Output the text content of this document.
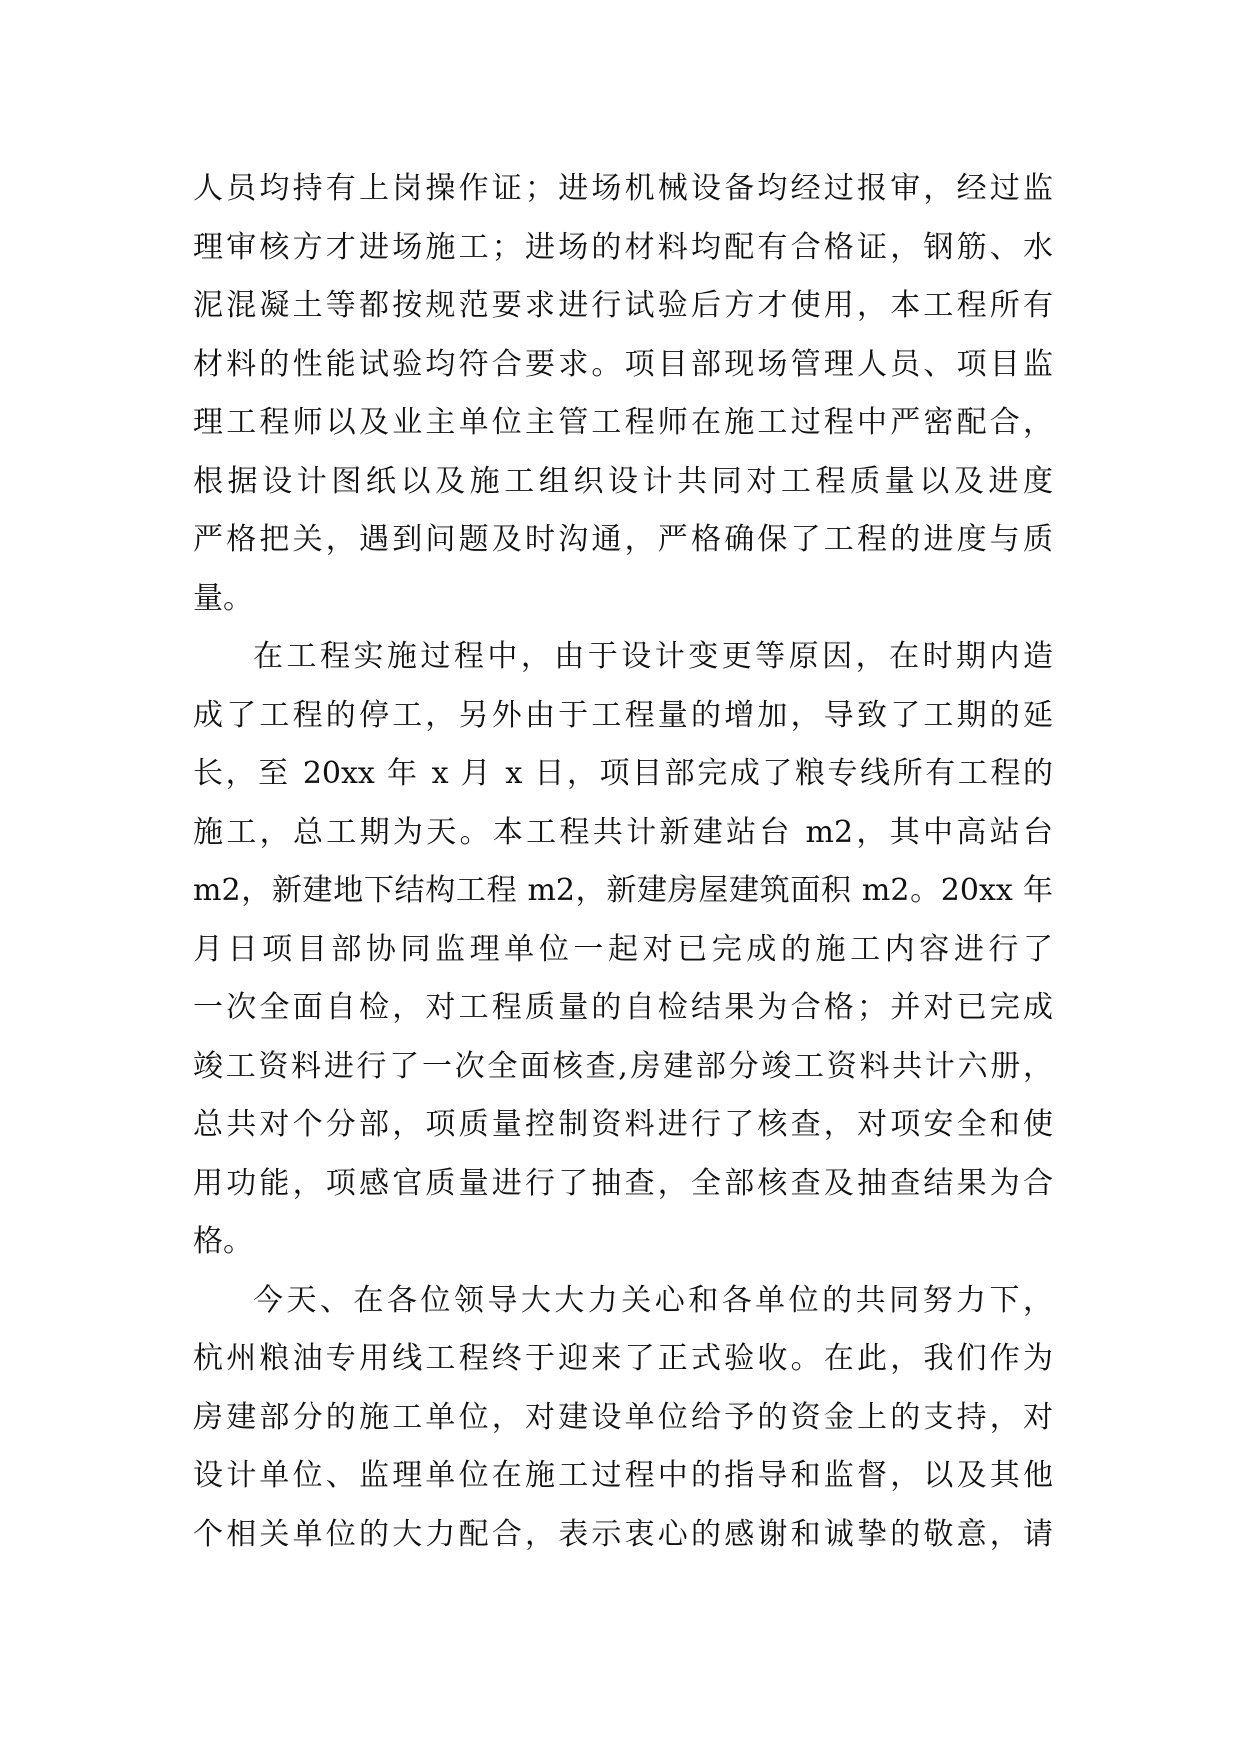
人员均持有上岗操作证；进场机械设备均经过报审，经过监
理审核方才进场施工；进场的材料均配有合格证，钢筋、水
泥混凝土等都按规范要求进行试验后方才使用，本工程所有
材料的性能试验均符合要求。项目部现场管理人员、项目监
理工程师以及业主单位主管工程师在施工过程中严密配合，
根据设计图纸以及施工组织设计共同对工程质量以及进度
严格把关，遇到问题及时沟通，严格确保了工程的进度与质
量。
在工程实施过程中，由于设计变更等原因，在时期内造
成了工程的停工，另外由于工程量的增加，导致了工期的延
长，至 20xx 年 x 月 x 日，项目部完成了粮专线所有工程的
施工，总工期为天。本工程共计新建站台 m2，其中高站台
m2，新建地下结构工程 m2，新建房屋建筑面积 m2。20xx 年
月日项目部协同监理单位一起对已完成的施工内容进行了
一次全面自检，对工程质量的自检结果为合格；并对已完成
竣工资料进行了一次全面核查,房建部分竣工资料共计六册，
总共对个分部，项质量控制资料进行了核查，对项安全和使
用功能，项感官质量进行了抽查，全部核查及抽查结果为合
格。
今天、在各位领导大大力关心和各单位的共同努力下，
杭州粮油专用线工程终于迎来了正式验收。在此，我们作为
房建部分的施工单位，对建设单位给予的资金上的支持，对
设计单位、监理单位在施工过程中的指导和监督，以及其他
个相关单位的大力配合，表示衷心的感谢和诚挚的敬意，请
